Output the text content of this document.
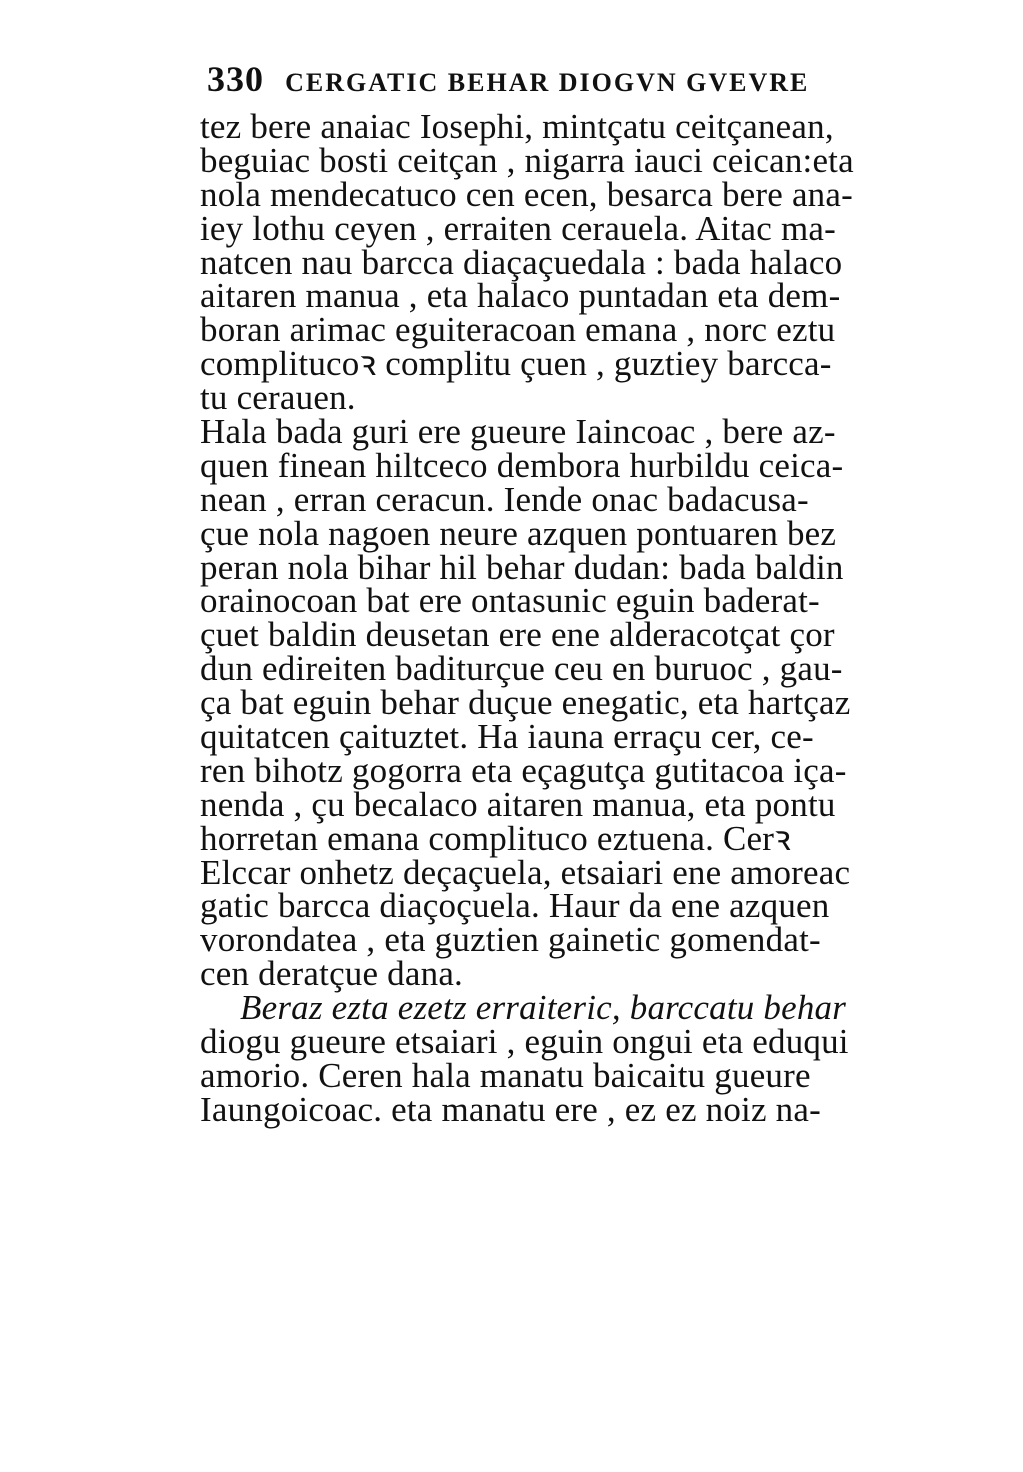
330 CERGATIC BEHAR DIOGVN GVEVRE
tez bere anaiac Iosephi, mintçatu ceitçanean,
beguiac bosti ceitçan , nigarra iauci ceican:eta
nola mendecatuco cen ecen, besarca bere ana-
iey lothu ceyen , erraiten cerauela. Aitac ma-
natcen nau barcca diaçaçuedala : bada halaco
aitaren manua , eta halaco puntadan eta dem-
boran arimac eguiteracoan emana , norc eztu
complitucoꝛ complitu çuen , guztiey barcca-
tu cerauen.
Hala bada guri ere gueure Iaincoac , bere az-
quen finean hiltceco dembora hurbildu ceica-
nean , erran ceracun. Iende onac badacusa-
çue nola nagoen neure azquen pontuaren bez
peran nola bihar hil behar dudan: bada baldin
orainocoan bat ere ontasunic eguin baderat-
çuet baldin deusetan ere ene alderacotçat çor
dun edireiten baditurçue ceu en buruoc , gau-
ça bat eguin behar duçue enegatic, eta hartçaz
quitatcen çaituztet. Ha iauna erraçu cer, ce-
ren bihotz gogorra eta eçagutça gutitacoa iça-
nenda , çu becalaco aitaren manua, eta pontu
horretan emana complituco eztuena. Cerꝛ
Elccar onhetz deçaçuela, etsaiari ene amoreac
gatic barcca diaçoçuela. Haur da ene azquen
vorondatea , eta guztien gainetic gomendat-
cen deratçue dana.
Beraz ezta ezetz erraiteric, barccatu behar
diogu gueure etsaiari , eguin ongui eta eduqui
amorio. Ceren hala manatu baicaitu gueure
Iaungoicoac. eta manatu ere , ez ez noiz na-
